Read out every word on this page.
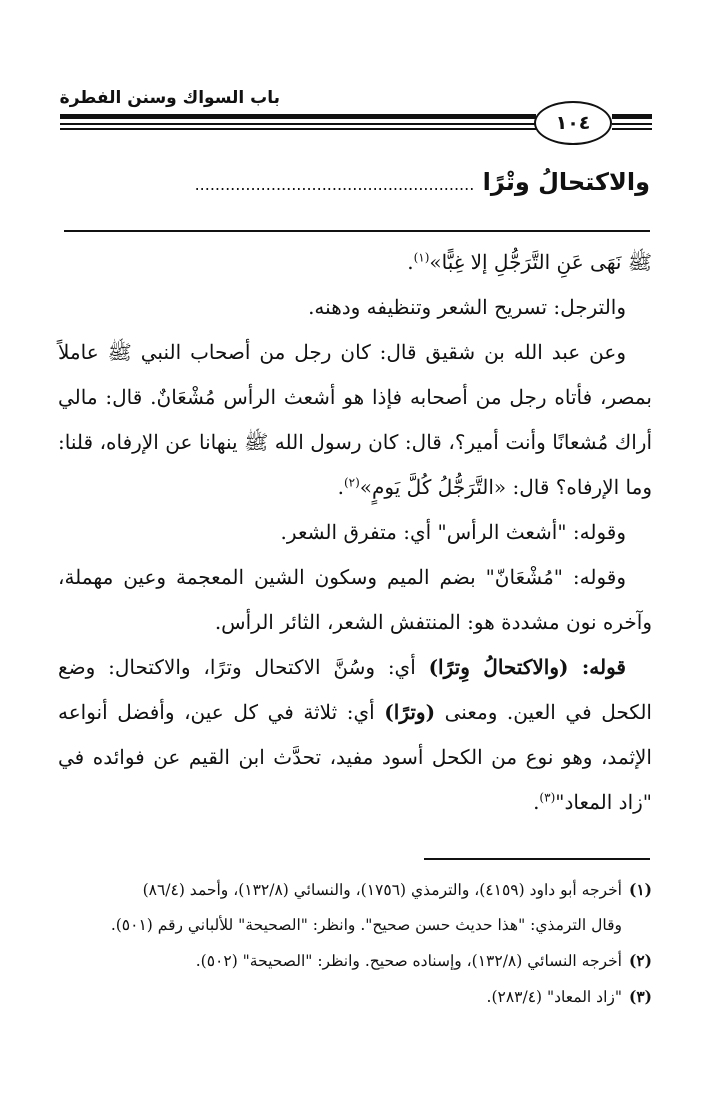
باب السواك وسنن الفطرة
١٠٤
والاكتحالُ وِتْرًا .......................................................

ﷺ نَهَى عَنِ التَّرَجُّلِ إلا غِبًّا»$^{(١)}$.

والترجل: تسريح الشعر وتنظيفه ودهنه.

وعن عبد الله بن شقيق قال: كان رجل من أصحاب النبي ﷺ عاملاً بمصر، فأتاه رجل من أصحابه فإذا هو أشعث الرأس مُشْعَانٌ. قال: مالي أراك مُشعانًا وأنت أمير؟، قال: كان رسول الله ﷺ ينهانا عن الإرفاه، قلنا: وما الإرفاه؟ قال: «التَّرَجُّلُ كُلَّ يَومٍ»$^{(٢)}$.

وقوله: "أشعث الرأس" أي: متفرق الشعر.

وقوله: "مُشْعَانّ" بضم الميم وسكون الشين المعجمة وعين مهملة، وآخره نون مشددة هو: المنتفش الشعر، الثائر الرأس.

قوله: (والاكتحالُ وِترًا) أي: وسُنَّ الاكتحال وترًا، والاكتحال: وضع الكحل في العين. ومعنى (وترًا) أي: ثلاثة في كل عين، وأفضل أنواعه الإثمد، وهو نوع من الكحل أسود مفيد، تحدَّث ابن القيم عن فوائده في "زاد المعاد"$^{(٣)}$.

(١)أخرجه أبو داود (٤١٥٩)، والترمذي (١٧٥٦)، والنسائي (١٣٢/٨)، وأحمد (٨٦/٤)
وقال الترمذي: "هذا حديث حسن صحيح". وانظر: "الصحيحة" للألباني رقم (٥٠١).
(٢)أخرجه النسائي (١٣٢/٨)، وإسناده صحيح. وانظر: "الصحيحة" (٥٠٢).
(٣)"زاد المعاد" (٢٨٣/٤).
